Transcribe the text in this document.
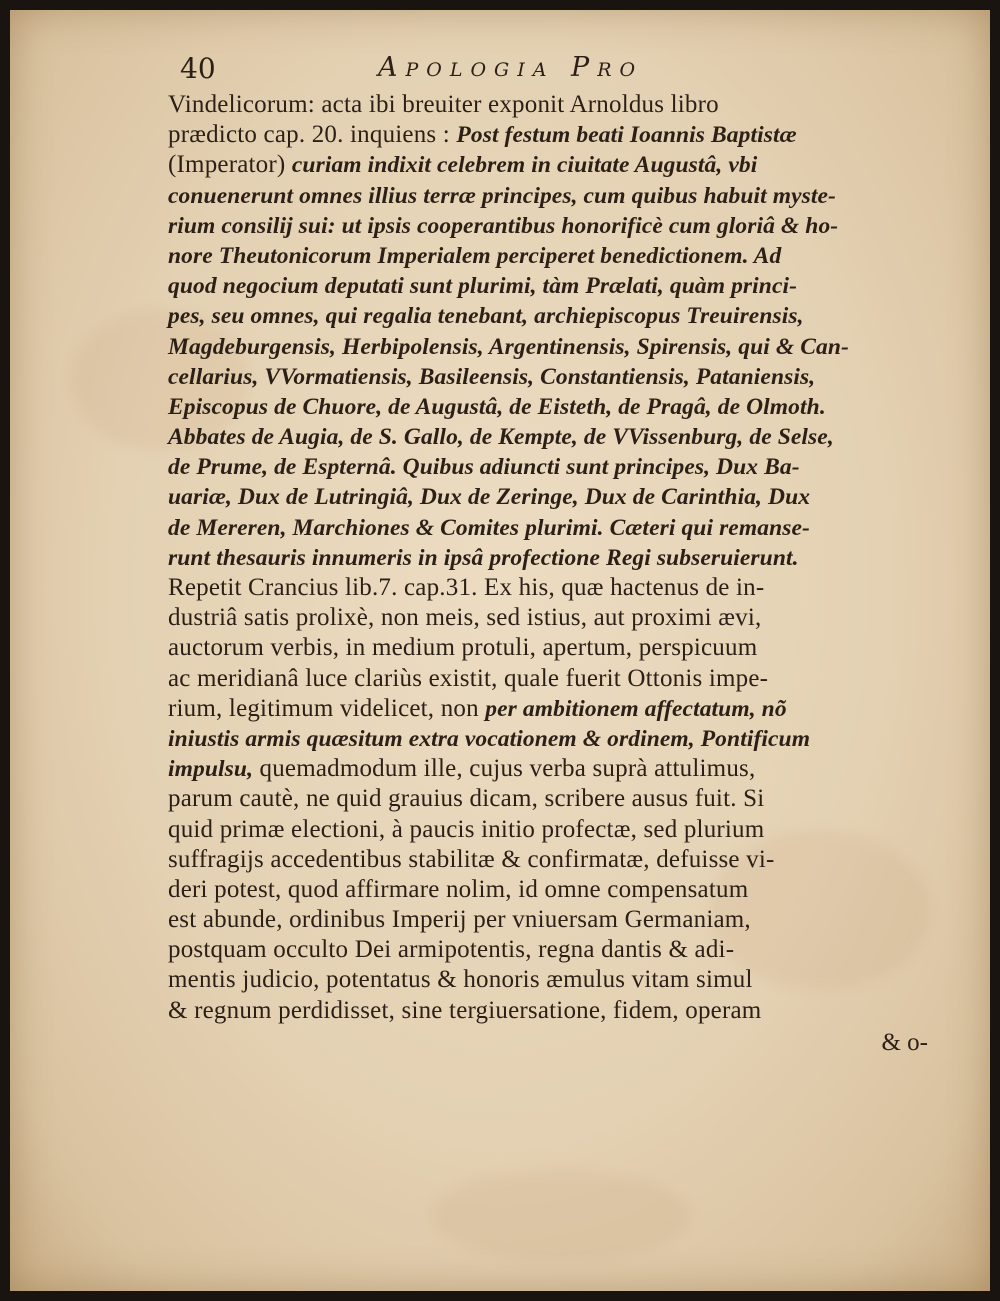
40	Apologia Pro
Vindelicorum: acta ibi breuiter exponit Arnoldus libro
prædicto cap. 20. inquiens : Post festum beati Ioannis Baptistæ
(Imperator) curiam indixit celebrem in ciuitate Augustâ, vbi
conuenerunt omnes illius terræ principes, cum quibus habuit myste-
rium consilij sui: ut ipsis cooperantibus honorificè cum gloriâ & ho-
nore Theutonicorum Imperialem perciperet benedictionem. Ad
quod negocium deputati sunt plurimi, tàm Prælati, quàm princi-
pes, seu omnes, qui regalia tenebant, archiepiscopus Treuirensis,
Magdeburgensis, Herbipolensis, Argentinensis, Spirensis, qui & Can-
cellarius, VVormatiensis, Basileensis, Constantiensis, Pataniensis,
Episcopus de Chuore, de Augustâ, de Eisteth, de Pragâ, de Olmoth.
Abbates de Augia, de S. Gallo, de Kempte, de VVissenburg, de Selse,
de Prume, de Espternâ. Quibus adiuncti sunt principes, Dux Ba-
uariæ, Dux de Lutringiâ, Dux de Zeringe, Dux de Carinthia, Dux
de Mereren, Marchiones & Comites plurimi. Cæteri qui remanse-
runt thesauris innumeris in ipsâ profectione Regi subseruierunt.
Repetit Crancius lib.7. cap.31. Ex his, quæ hactenus de in-
dustriâ satis prolixè, non meis, sed istius, aut proximi ævi,
auctorum verbis, in medium protuli, apertum, perspicuum
ac meridianâ luce clariùs existit, quale fuerit Ottonis impe-
rium, legitimum videlicet, non per ambitionem affectatum, nõ
iniustis armis quæsitum extra vocationem & ordinem, Pontificum
impulsu, quemadmodum ille, cujus verba suprà attulimus,
parum cautè, ne quid grauius dicam, scribere ausus fuit. Si
quid primæ electioni, à paucis initio profectæ, sed plurium
suffragijs accedentibus stabilitæ & confirmatæ, defuisse vi-
deri potest, quod affirmare nolim, id omne compensatum
est abunde, ordinibus Imperij per vniuersam Germaniam,
postquam occulto Dei armipotentis, regna dantis & adi-
mentis judicio, potentatus & honoris æmulus vitam simul
& regnum perdidisset, sine tergiuersatione, fidem, operam
& o-
